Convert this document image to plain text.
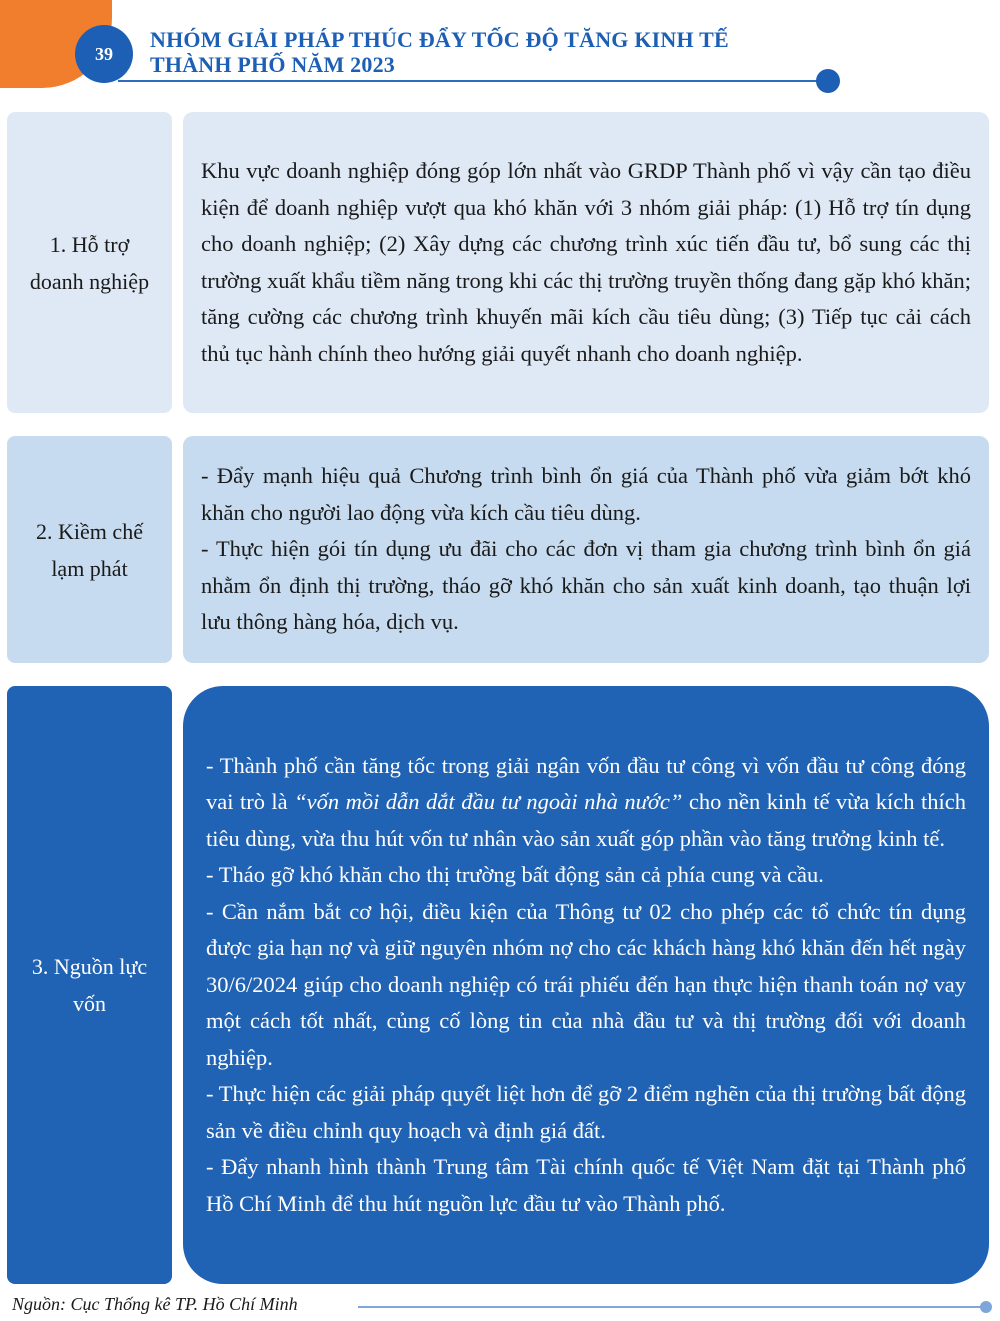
39
NHÓM GIẢI PHÁP THÚC ĐẨY TỐC ĐỘ TĂNG KINH TẾ
THÀNH PHỐ NĂM 2023
1. Hỗ trợ
doanh nghiệp

Khu vực doanh nghiệp đóng góp lớn nhất vào GRDP Thành phố vì vậy cần tạo điều kiện để doanh nghiệp vượt qua khó khăn với 3 nhóm giải pháp: (1) Hỗ trợ tín dụng cho doanh nghiệp; (2) Xây dựng các chương trình xúc tiến đầu tư, bổ sung các thị trường xuất khẩu tiềm năng trong khi các thị trường truyền thống đang gặp khó khăn; tăng cường các chương trình khuyến mãi kích cầu tiêu dùng; (3) Tiếp tục cải cách thủ tục hành chính theo hướng giải quyết nhanh cho doanh nghiệp.

2. Kiềm chế
lạm phát

- Đẩy mạnh hiệu quả Chương trình bình ổn giá của Thành phố vừa giảm bớt khó khăn cho người lao động vừa kích cầu tiêu dùng.

- Thực hiện gói tín dụng ưu đãi cho các đơn vị tham gia chương trình bình ổn giá nhằm ổn định thị trường, tháo gỡ khó khăn cho sản xuất kinh doanh, tạo thuận lợi lưu thông hàng hóa, dịch vụ.

3. Nguồn lực
vốn

- Thành phố cần tăng tốc trong giải ngân vốn đầu tư công vì vốn đầu tư công đóng vai trò là “vốn mồi dẫn dắt đầu tư ngoài nhà nước” cho nền kinh tế vừa kích thích tiêu dùng, vừa thu hút vốn tư nhân vào sản xuất góp phần vào tăng trưởng kinh tế.

- Tháo gỡ khó khăn cho thị trường bất động sản cả phía cung và cầu.

- Cần nắm bắt cơ hội, điều kiện của Thông tư 02 cho phép các tổ chức tín dụng được gia hạn nợ và giữ nguyên nhóm nợ cho các khách hàng khó khăn đến hết ngày 30/6/2024 giúp cho doanh nghiệp có trái phiếu đến hạn thực hiện thanh toán nợ vay một cách tốt nhất, củng cố lòng tin của nhà đầu tư và thị trường đối với doanh nghiệp.

- Thực hiện các giải pháp quyết liệt hơn để gỡ 2 điểm nghẽn của thị trường bất động sản về điều chỉnh quy hoạch và định giá đất.

- Đẩy nhanh hình thành Trung tâm Tài chính quốc tế Việt Nam đặt tại Thành phố Hồ Chí Minh để thu hút nguồn lực đầu tư vào Thành phố.

Nguồn: Cục Thống kê TP. Hồ Chí Minh
